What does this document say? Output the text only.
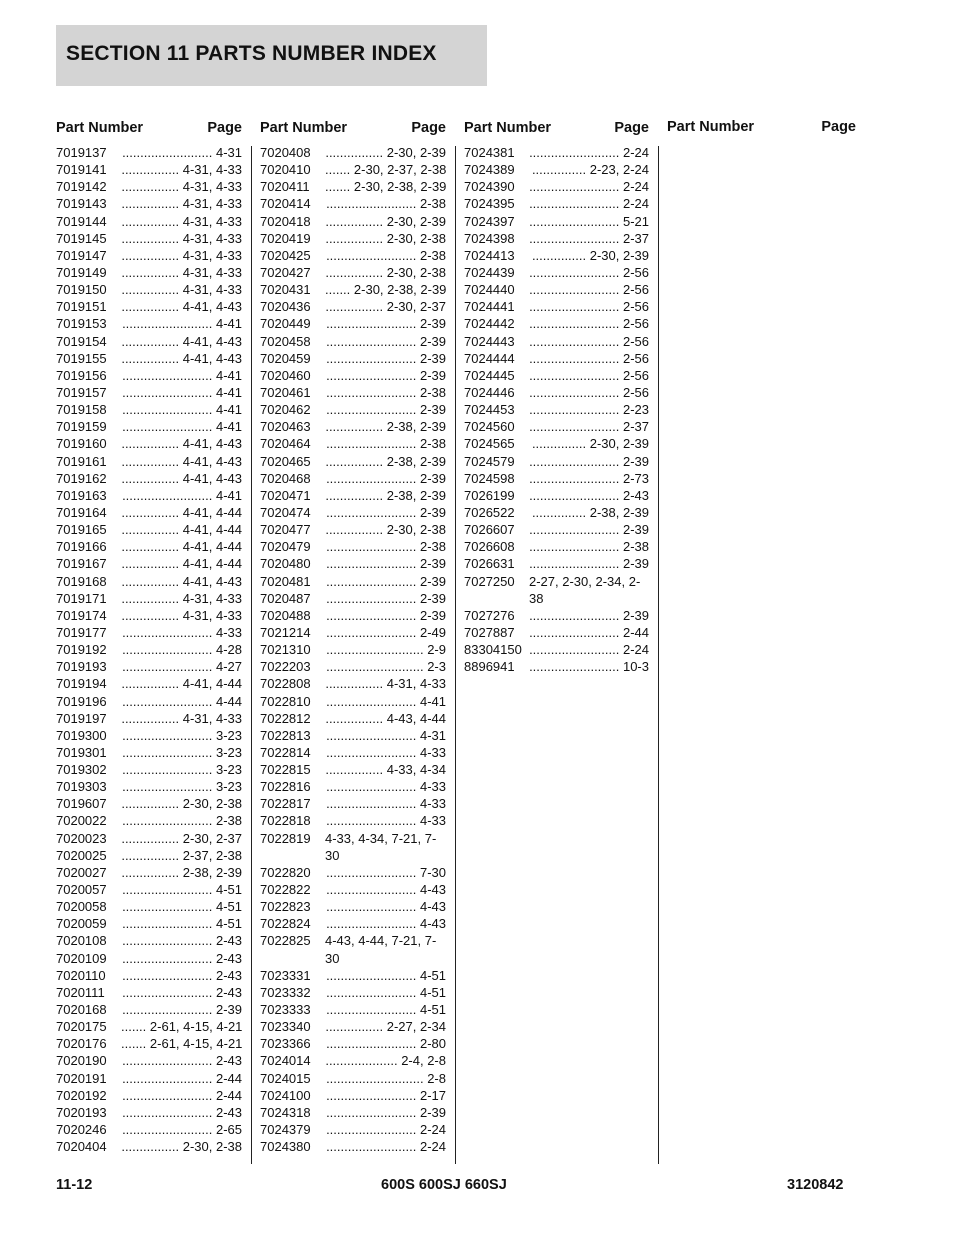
SECTION 11 PARTS NUMBER INDEX
Part Number	Page
7019137 ......................... 4-31
7019141 ................ 4-31, 4-33
7019142 ................ 4-31, 4-33
7019143 ................ 4-31, 4-33
7019144 ................ 4-31, 4-33
7019145 ................ 4-31, 4-33
7019147 ................ 4-31, 4-33
7019149 ................ 4-31, 4-33
7019150 ................ 4-31, 4-33
7019151 ................ 4-41, 4-43
7019153 ......................... 4-41
7019154 ................ 4-41, 4-43
7019155 ................ 4-41, 4-43
7019156 ......................... 4-41
7019157 ......................... 4-41
7019158 ......................... 4-41
7019159 ......................... 4-41
7019160 ................ 4-41, 4-43
7019161 ................ 4-41, 4-43
7019162 ................ 4-41, 4-43
7019163 ......................... 4-41
7019164 ................ 4-41, 4-44
7019165 ................ 4-41, 4-44
7019166 ................ 4-41, 4-44
7019167 ................ 4-41, 4-44
7019168 ................ 4-41, 4-43
7019171 ................ 4-31, 4-33
7019174 ................ 4-31, 4-33
7019177 ......................... 4-33
7019192 ......................... 4-28
7019193 ......................... 4-27
7019194 ................ 4-41, 4-44
7019196 ......................... 4-44
7019197 ................ 4-31, 4-33
7019300 ......................... 3-23
7019301 ......................... 3-23
7019302 ......................... 3-23
7019303 ......................... 3-23
7019607 ................ 2-30, 2-38
7020022 ......................... 2-38
7020023 ................ 2-30, 2-37
7020025 ................ 2-37, 2-38
7020027 ................ 2-38, 2-39
7020057 ......................... 4-51
7020058 ......................... 4-51
7020059 ......................... 4-51
7020108 ......................... 2-43
7020109 ......................... 2-43
7020110 ......................... 2-43
7020111 ......................... 2-43
7020168 ......................... 2-39
7020175 ....... 2-61, 4-15, 4-21
7020176 ....... 2-61, 4-15, 4-21
7020190 ......................... 2-43
7020191 ......................... 2-44
7020192 ......................... 2-44
7020193 ......................... 2-43
7020246 ......................... 2-65
7020404 ................ 2-30, 2-38
Part Number	Page
7020408 ................ 2-30, 2-39
7020410 ....... 2-30, 2-37, 2-38
7020411 ....... 2-30, 2-38, 2-39
7020414 ......................... 2-38
7020418 ................ 2-30, 2-39
7020419 ................ 2-30, 2-38
7020425 ......................... 2-38
7020427 ................ 2-30, 2-38
7020431 ....... 2-30, 2-38, 2-39
7020436 ................ 2-30, 2-37
7020449 ......................... 2-39
7020458 ......................... 2-39
7020459 ......................... 2-39
7020460 ......................... 2-39
7020461 ......................... 2-38
7020462 ......................... 2-39
7020463 ................ 2-38, 2-39
7020464 ......................... 2-38
7020465 ................ 2-38, 2-39
7020468 ......................... 2-39
7020471 ................ 2-38, 2-39
7020474 ......................... 2-39
7020477 ................ 2-30, 2-38
7020479 ......................... 2-38
7020480 ......................... 2-39
7020481 ......................... 2-39
7020487 ......................... 2-39
7020488 ......................... 2-39
7021214 ......................... 2-49
7021310 ........................... 2-9
7022203 ........................... 2-3
7022808 ................ 4-31, 4-33
7022810 ......................... 4-41
7022812 ................ 4-43, 4-44
7022813 ......................... 4-31
7022814 ......................... 4-33
7022815 ................ 4-33, 4-34
7022816 ......................... 4-33
7022817 ......................... 4-33
7022818 ......................... 4-33
7022819 4-33, 4-34, 7-21, 7-30
7022820 ......................... 7-30
7022822 ......................... 4-43
7022823 ......................... 4-43
7022824 ......................... 4-43
7022825 4-43, 4-44, 7-21, 7-30
7023331 ......................... 4-51
7023332 ......................... 4-51
7023333 ......................... 4-51
7023340 ................ 2-27, 2-34
7023366 ......................... 2-80
7024014 .................... 2-4, 2-8
7024015 ........................... 2-8
7024100 ......................... 2-17
7024318 ......................... 2-39
7024379 ......................... 2-24
7024380 ......................... 2-24
Part Number	Page
7024381 ......................... 2-24
7024389 ............... 2-23, 2-24
7024390 ......................... 2-24
7024395 ......................... 2-24
7024397 ......................... 5-21
7024398 ......................... 2-37
7024413 ............... 2-30, 2-39
7024439 ......................... 2-56
7024440 ......................... 2-56
7024441 ......................... 2-56
7024442 ......................... 2-56
7024443 ......................... 2-56
7024444 ......................... 2-56
7024445 ......................... 2-56
7024446 ......................... 2-56
7024453 ......................... 2-23
7024560 ......................... 2-37
7024565 ............... 2-30, 2-39
7024579 ......................... 2-39
7024598 ......................... 2-73
7026199 ......................... 2-43
7026522 ............... 2-38, 2-39
7026607 ......................... 2-39
7026608 ......................... 2-38
7026631 ......................... 2-39
7027250 2-27, 2-30, 2-34, 2-38
7027276 ......................... 2-39
7027887 ......................... 2-44
83304150 ......................... 2-24
8896941 ......................... 10-3
Part Number	Page
11-12	600S 600SJ 660SJ	3120842
